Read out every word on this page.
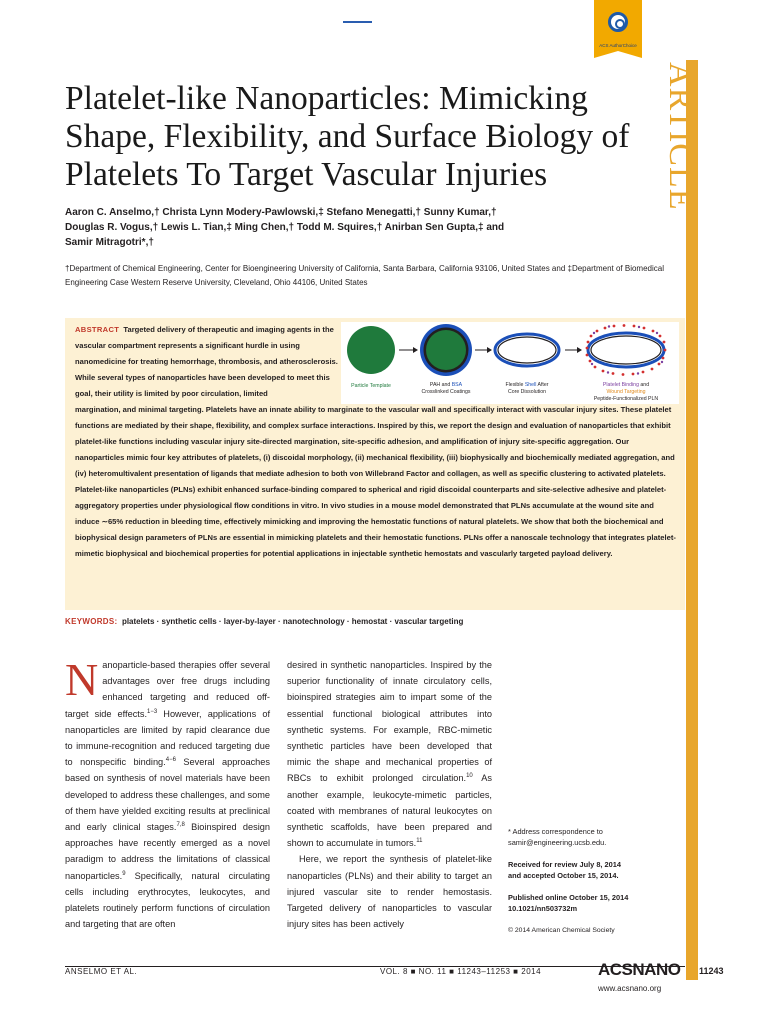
ACS AuthorChoice
ARTICLE
Platelet-like Nanoparticles: Mimicking Shape, Flexibility, and Surface Biology of Platelets To Target Vascular Injuries
Aaron C. Anselmo,† Christa Lynn Modery-Pawlowski,‡ Stefano Menegatti,† Sunny Kumar,†
Douglas R. Vogus,† Lewis L. Tian,‡ Ming Chen,† Todd M. Squires,† Anirban Sen Gupta,‡ and
Samir Mitragotri*,†
†Department of Chemical Engineering, Center for Bioengineering University of California, Santa Barbara, California 93106, United States and ‡Department of Biomedical Engineering Case Western Reserve University, Cleveland, Ohio 44106, United States
ABSTRACT Targeted delivery of therapeutic and imaging agents in the vascular compartment represents a significant hurdle in using nanomedicine for treating hemorrhage, thrombosis, and atherosclerosis. While several types of nanoparticles have been developed to meet this goal, their utility is limited by poor circulation, limited
margination, and minimal targeting. Platelets have an innate ability to marginate to the vascular wall and specifically interact with vascular injury sites. These platelet functions are mediated by their shape, flexibility, and complex surface interactions. Inspired by this, we report the design and evaluation of nanoparticles that exhibit platelet-like functions including vascular injury site-directed margination, site-specific adhesion, and amplification of injury site-specific aggregation. Our nanoparticles mimic four key attributes of platelets, (i) discoidal morphology, (ii) mechanical flexibility, (iii) biophysically and biochemically mediated aggregation, and (iv) heteromultivalent presentation of ligands that mediate adhesion to both von Willebrand Factor and collagen, as well as specific clustering to activated platelets. Platelet-like nanoparticles (PLNs) exhibit enhanced surface-binding compared to spherical and rigid discoidal counterparts and site-selective adhesive and platelet-aggregatory properties under physiological flow conditions in vitro. In vivo studies in a mouse model demonstrated that PLNs accumulate at the wound site and induce ∼65% reduction in bleeding time, effectively mimicking and improving the hemostatic functions of natural platelets. We show that both the biochemical and biophysical design parameters of PLNs are essential in mimicking platelets and their hemostatic functions. PLNs offer a nanoscale technology that integrates platelet-mimetic biophysical and biochemical properties for potential applications in injectable synthetic hemostats and vascularly targeted payload delivery.
Particle Template	PAH and BSA
Crosslinked Coatings
Flexible Shell After
Core Dissolution
Platelet Binding and
Wound Targeting
Peptide-Functionalized PLN
KEYWORDS: platelets · synthetic cells · layer-by-layer · nanotechnology · hemostat · vascular targeting
Nanoparticle-based therapies offer several advantages over free drugs including enhanced targeting and reduced off-target side effects.$^{1-3}$ However, applications of nanoparticles are limited by rapid clearance due to immune-recognition and reduced targeting due to nonspecific binding.$^{4-6}$ Several approaches based on synthesis of novel materials have been developed to address these challenges, and some of them have yielded exciting results at preclinical and early clinical stages.$^{7,8}$ Bioinspired design approaches have recently emerged as a novel paradigm to address the limitations of classical nanoparticles.$^9$ Specifically, natural circulating cells including erythrocytes, leukocytes, and platelets routinely perform functions of circulation and targeting that are often
desired in synthetic nanoparticles. Inspired by the superior functionality of innate circulatory cells, bioinspired strategies aim to impart some of the essential functional biological attributes into synthetic systems. For example, RBC-mimetic synthetic particles have been developed that mimic the shape and mechanical properties of RBCs to exhibit prolonged circulation.$^{10}$ As another example, leukocyte-mimetic particles, coated with membranes of natural leukocytes on synthetic scaffolds, have been prepared and shown to accumulate in tumors.$^{11}$
Here, we report the synthesis of platelet-like nanoparticles (PLNs) and their ability to target an injured vascular site to render hemostasis. Targeted delivery of nanoparticles to vascular injury sites has been actively
* Address correspondence to
samir@engineering.ucsb.edu.
Received for review July 8, 2014
and accepted October 15, 2014.
Published online October 15, 2014
10.1021/nn503732m
© 2014 American Chemical Society
ANSELMO ET AL.	VOL. 8 ■ NO. 11 ■ 11243–11253 ■ 2014	ACSNANO 11243
www.acsnano.org
